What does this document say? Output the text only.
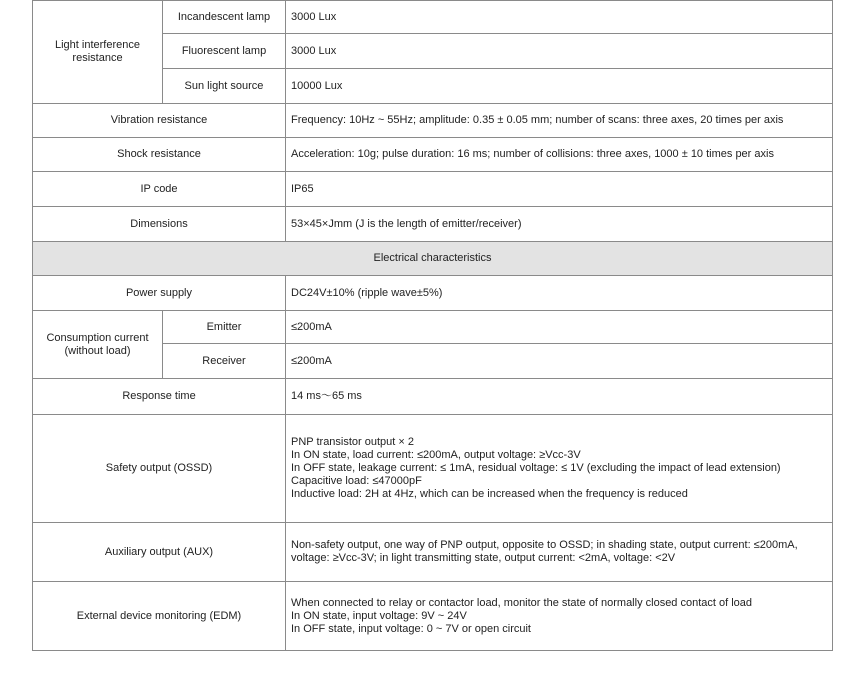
Light interference resistance	Incandescent lamp	3000 Lux
	Fluorescent lamp	3000 Lux
	Sun light source	10000 Lux
Vibration resistance		Frequency: 10Hz ~ 55Hz; amplitude: 0.35 ± 0.05 mm; number of scans: three axes, 20 times per axis
Shock resistance		Acceleration: 10g; pulse duration: 16 ms; number of collisions: three axes, 1000 ± 10 times per axis
IP code		IP65
Dimensions		53×45×Jmm (J is the length of emitter/receiver)
Electrical characteristics		
Power supply		DC24V±10% (ripple wave±5%)
Consumption current (without load)	Emitter	≤200mA
	Receiver	≤200mA
Response time		14 ms～65 ms
Safety output (OSSD)		PNP transistor output × 2
In ON state, load current: ≤200mA, output voltage: ≥Vcc-3V
In OFF state, leakage current: ≤ 1mA, residual voltage: ≤ 1V (excluding the impact of lead extension)
Capacitive load: ≤47000pF
Inductive load: 2H at 4Hz, which can be increased when the frequency is reduced

Auxiliary output (AUX)		Non-safety output, one way of PNP output, opposite to OSSD; in shading state, output current: ≤200mA, voltage: ≥Vcc-3V; in light transmitting state, output current: <2mA, voltage: <2V
External device monitoring (EDM)		When connected to relay or contactor load, monitor the state of normally closed contact of load
In ON state, input voltage: 9V ~ 24V
In OFF state, input voltage: 0 ~ 7V or open circuit
